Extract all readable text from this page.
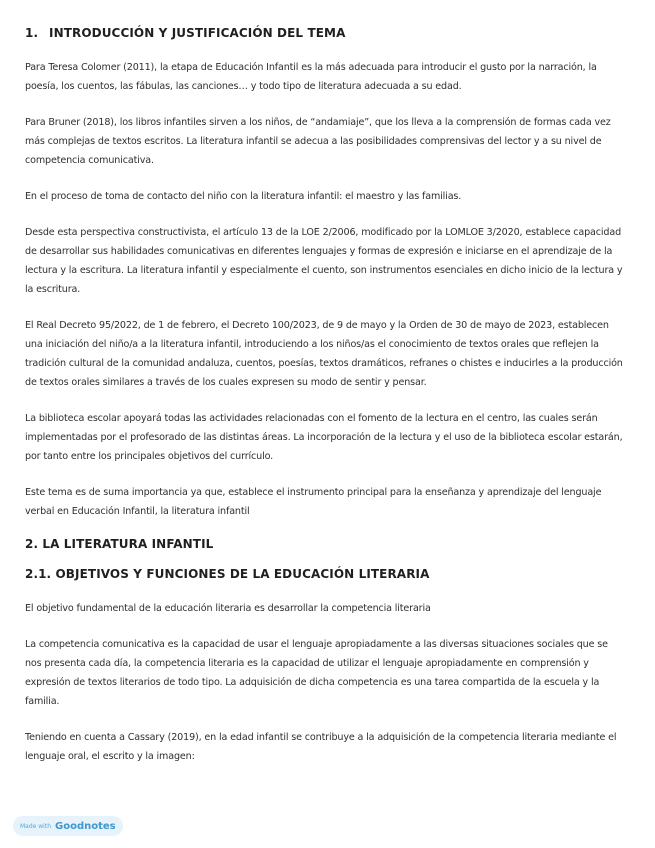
1. INTRODUCCIÓN Y JUSTIFICACIÓN DEL TEMA

Para Teresa Colomer (2011), la etapa de Educación Infantil es la más adecuada para introducir el gusto por la narración, la poesía, los cuentos, las fábulas, las canciones… y todo tipo de literatura adecuada a su edad.

Para Bruner (2018), los libros infantiles sirven a los niños, de “andamiaje”, que los lleva a la comprensión de formas cada vez más complejas de textos escritos. La literatura infantil se adecua a las posibilidades comprensivas del lector y a su nivel de competencia comunicativa.

En el proceso de toma de contacto del niño con la literatura infantil: el maestro y las familias.

Desde esta perspectiva constructivista, el artículo 13 de la LOE 2/2006, modificado por la LOMLOE 3/2020, establece capacidad de desarrollar sus habilidades comunicativas en diferentes lenguajes y formas de expresión e iniciarse en el aprendizaje de la lectura y la escritura. La literatura infantil y especialmente el cuento, son instrumentos esenciales en dicho inicio de la lectura y la escritura.

El Real Decreto 95/2022, de 1 de febrero, el Decreto 100/2023, de 9 de mayo y la Orden de 30 de mayo de 2023, establecen una iniciación del niño/a a la literatura infantil, introduciendo a los niños/as el conocimiento de textos orales que reflejen la tradición cultural de la comunidad andaluza, cuentos, poesías, textos dramáticos, refranes o chistes e inducirles a la producción de textos orales similares a través de los cuales expresen su modo de sentir y pensar.

La biblioteca escolar apoyará todas las actividades relacionadas con el fomento de la lectura en el centro, las cuales serán implementadas por el profesorado de las distintas áreas. La incorporación de la lectura y el uso de la biblioteca escolar estarán, por tanto entre los principales objetivos del currículo.

Este tema es de suma importancia ya que, establece el instrumento principal para la enseñanza y aprendizaje del lenguaje verbal en Educación Infantil, la literatura infantil

2. LA LITERATURA INFANTIL
2.1. OBJETIVOS Y FUNCIONES DE LA EDUCACIÓN LITERARIA

El objetivo fundamental de la educación literaria es desarrollar la competencia literaria

La competencia comunicativa es la capacidad de usar el lenguaje apropiadamente a las diversas situaciones sociales que se nos presenta cada día, la competencia literaria es la capacidad de utilizar el lenguaje apropiadamente en comprensión y expresión de textos literarios de todo tipo. La adquisición de dicha competencia es una tarea compartida de la escuela y la familia.

Teniendo en cuenta a Cassary (2019), en la edad infantil se contribuye a la adquisición de la competencia literaria mediante el lenguaje oral, el escrito y la imagen:

Made with Goodnotes
